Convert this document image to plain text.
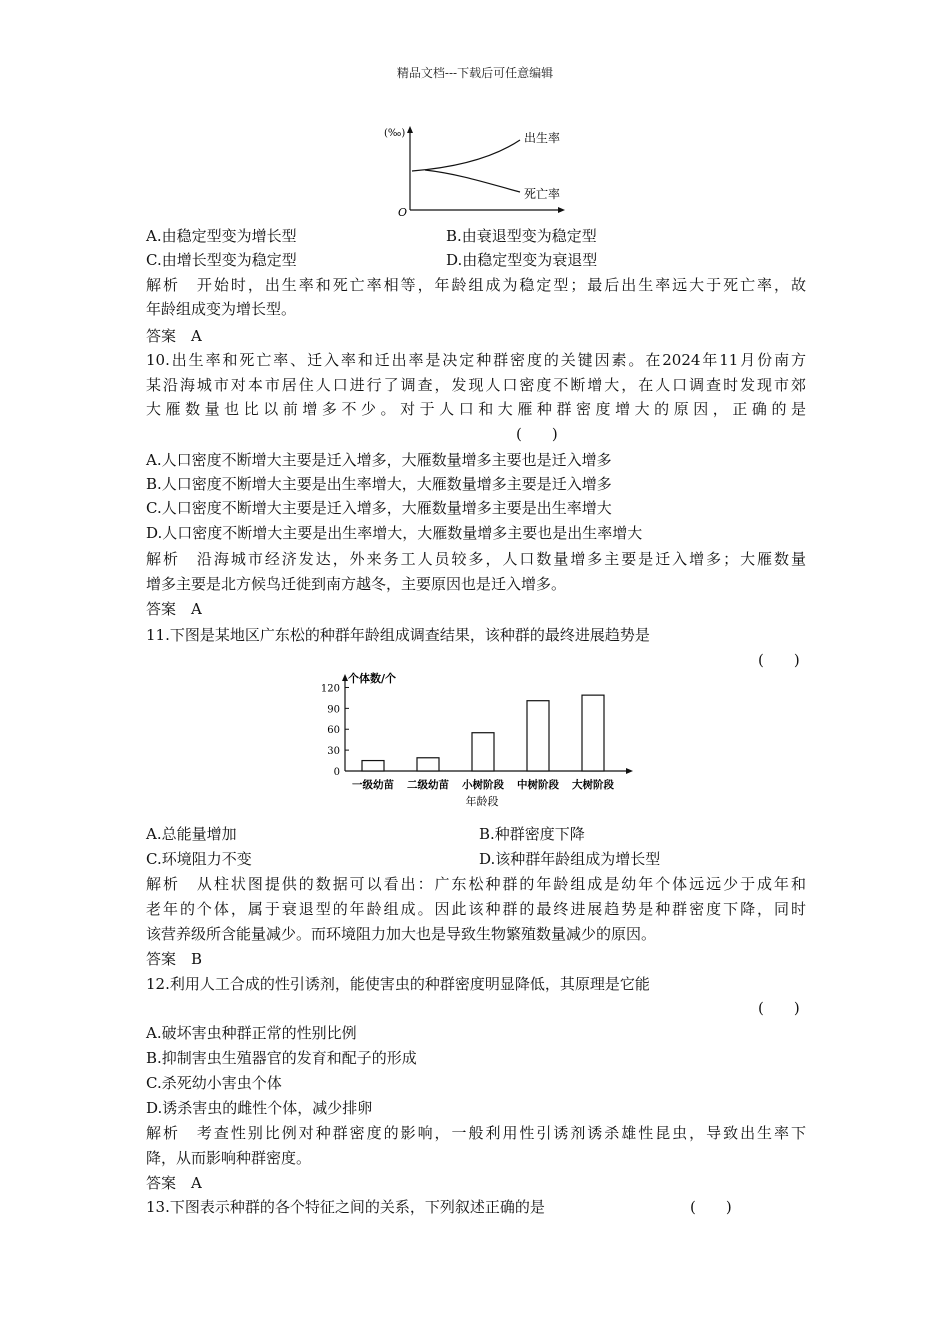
精品文档---下载后可任意编辑
(‰)
O
出生率
死亡率
A.由稳定型变为增长型	B.由衰退型变为稳定型
C.由增长型变为稳定型	D.由稳定型变为衰退型
解析　开始时，出生率和死亡率相等，年龄组成为稳定型；最后出生率远大于死亡率，故
年龄组成变为增长型。
答案　A
10.出生率和死亡率、迁入率和迁出率是决定种群密度的关键因素。在2024年11月份南方
某沿海城市对本市居住人口进行了调查，发现人口密度不断增大，在人口调查时发现市郊
大雁数量也比以前增多不少。对于人口和大雁种群密度增大的原因，正确的是
(　　)
A.人口密度不断增大主要是迁入增多，大雁数量增多主要也是迁入增多
B.人口密度不断增大主要是出生率增大，大雁数量增多主要是迁入增多
C.人口密度不断增大主要是迁入增多，大雁数量增多主要是出生率增大
D.人口密度不断增大主要是出生率增大，大雁数量增多主要也是出生率增大
解析　沿海城市经济发达，外来务工人员较多，人口数量增多主要是迁入增多；大雁数量
增多主要是北方候鸟迁徙到南方越冬，主要原因也是迁入增多。
答案　A
11.下图是某地区广东松的种群年龄组成调查结果，该种群的最终进展趋势是
(　　)
0
30
60
90
120
一级幼苗 二级幼苗 小树阶段 中树阶段 大树阶段
个体数/个
年龄段
A.总能量增加	B.种群密度下降
C.环境阻力不变	D.该种群年龄组成为增长型
解析　从柱状图提供的数据可以看出：广东松种群的年龄组成是幼年个体远远少于成年和
老年的个体，属于衰退型的年龄组成。因此该种群的最终进展趋势是种群密度下降，同时
该营养级所含能量减少。而环境阻力加大也是导致生物繁殖数量减少的原因。
答案　B
12.利用人工合成的性引诱剂，能使害虫的种群密度明显降低，其原理是它能
(　　)
A.破坏害虫种群正常的性别比例
B.抑制害虫生殖器官的发育和配子的形成
C.杀死幼小害虫个体
D.诱杀害虫的雌性个体，减少排卵
解析　考查性别比例对种群密度的影响，一般利用性引诱剂诱杀雄性昆虫，导致出生率下
降，从而影响种群密度。
答案　A
13.下图表示种群的各个特征之间的关系，下列叙述正确的是	(　　)
